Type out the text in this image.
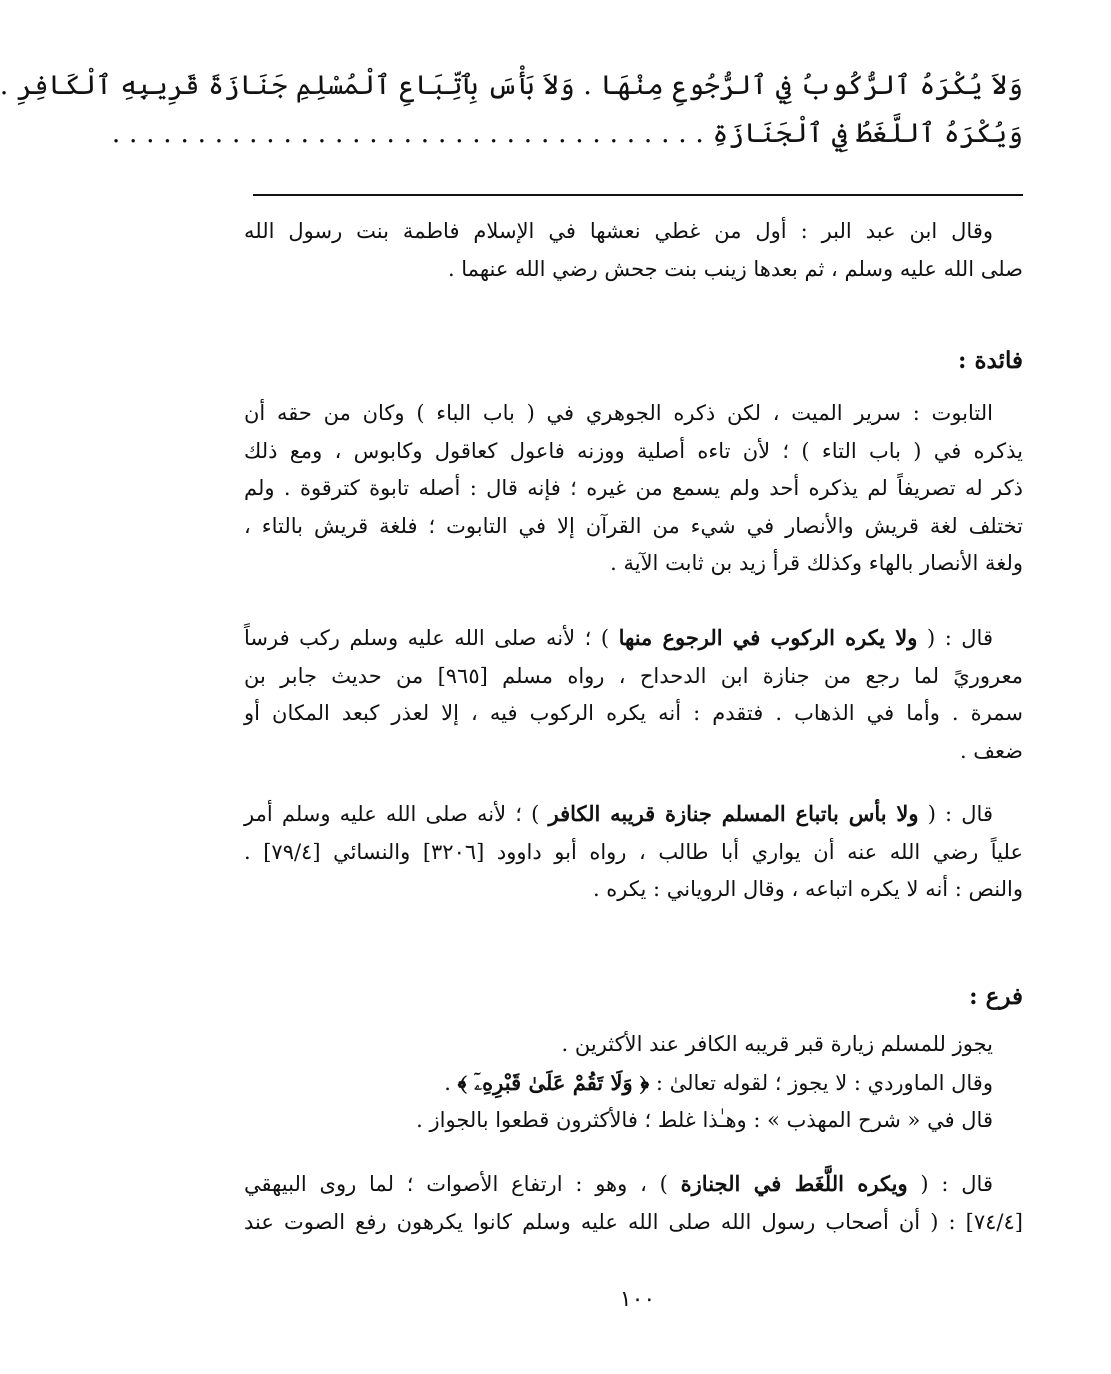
وَلاَ يُكْرَهُ ٱلرُّكُوبُ فِي ٱلرُّجُوعِ مِنْهَا . وَلاَ بَأْسَ بِٱتِّبَاعِ ٱلْمُسْلِمِ جَنَازَةَ قَرِيبِهِ ٱلْكَافِرِ .
وَيُكْرَهُ ٱللَّغَطُ فِي ٱلْجَنَازَةِ . . . . . . . . . . . . . . . . . . . . . . . . . . . . . . . . . . .
وقال ابن عبد البر : أول من غطي نعشها في الإسلام فاطمة بنت رسول الله
صلى الله عليه وسلم ، ثم بعدها زينب بنت جحش رضي الله عنهما .
فائدة :
التابوت : سرير الميت ، لكن ذكره الجوهري في ( باب الباء ) وكان من حقه أن
يذكره في ( باب التاء ) ؛ لأن تاءه أصلية ووزنه فاعول كعاقول وكابوس ، ومع ذلك
ذكر له تصريفاً لم يذكره أحد ولم يسمع من غيره ؛ فإنه قال : أصله تابوة كترقوة . ولم
تختلف لغة قريش والأنصار في شيء من القرآن إلا في التابوت ؛ فلغة قريش بالتاء ،
ولغة الأنصار بالهاء وكذلك قرأ زيد بن ثابت الآية .
قال : ( ولا يكره الركوب في الرجوع منها ) ؛ لأنه صلى الله عليه وسلم ركب فرساً
معروريً لما رجع من جنازة ابن الدحداح ، رواه مسلم [٩٦٥] من حديث جابر بن
سمرة . وأما في الذهاب . فتقدم : أنه يكره الركوب فيه ، إلا لعذر كبعد المكان أو
ضعف .
قال : ( ولا بأس باتباع المسلم جنازة قريبه الكافر ) ؛ لأنه صلى الله عليه وسلم أمر
علياً رضي الله عنه أن يواري أبا طالب ، رواه أبو داوود [٣٢٠٦] والنسائي [٧٩/٤] .
والنص : أنه لا يكره اتباعه ، وقال الروياني : يكره .
فرع :
يجوز للمسلم زيارة قبر قريبه الكافر عند الأكثرين .
وقال الماوردي : لا يجوز ؛ لقوله تعالىٰ : ﴿ وَلَا تَقُمْ عَلَىٰ قَبْرِهِۦٓ ﴾ .
قال في « شرح المهذب » : وهـٰذا غلط ؛ فالأكثرون قطعوا بالجواز .
قال : ( ويكره اللَّغَط في الجنازة ) ، وهو : ارتفاع الأصوات ؛ لما روى البيهقي
[٧٤/٤] : ( أن أصحاب رسول الله صلى الله عليه وسلم كانوا يكرهون رفع الصوت عند
١٠٠
